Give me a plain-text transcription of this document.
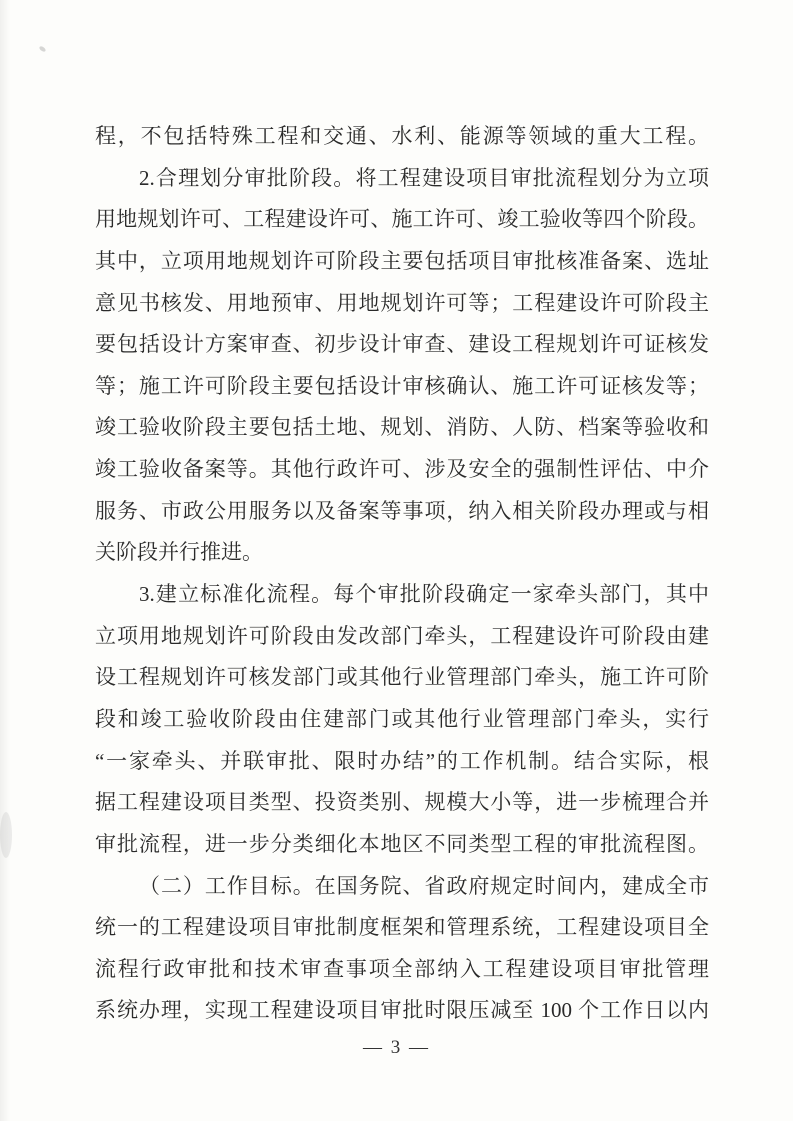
程，不包括特殊工程和交通、水利、能源等领域的重大工程。
2.合理划分审批阶段。将工程建设项目审批流程划分为立项
用地规划许可、工程建设许可、施工许可、竣工验收等四个阶段。
其中，立项用地规划许可阶段主要包括项目审批核准备案、选址
意见书核发、用地预审、用地规划许可等；工程建设许可阶段主
要包括设计方案审查、初步设计审查、建设工程规划许可证核发
等；施工许可阶段主要包括设计审核确认、施工许可证核发等；
竣工验收阶段主要包括土地、规划、消防、人防、档案等验收和
竣工验收备案等。其他行政许可、涉及安全的强制性评估、中介
服务、市政公用服务以及备案等事项，纳入相关阶段办理或与相
关阶段并行推进。
3.建立标准化流程。每个审批阶段确定一家牵头部门，其中
立项用地规划许可阶段由发改部门牵头，工程建设许可阶段由建
设工程规划许可核发部门或其他行业管理部门牵头，施工许可阶
段和竣工验收阶段由住建部门或其他行业管理部门牵头，实行
“一家牵头、并联审批、限时办结”的工作机制。结合实际，根
据工程建设项目类型、投资类别、规模大小等，进一步梳理合并
审批流程，进一步分类细化本地区不同类型工程的审批流程图。
（二）工作目标。在国务院、省政府规定时间内，建成全市
统一的工程建设项目审批制度框架和管理系统，工程建设项目全
流程行政审批和技术审查事项全部纳入工程建设项目审批管理
系统办理，实现工程建设项目审批时限压减至 100 个工作日以内
— 3 —
